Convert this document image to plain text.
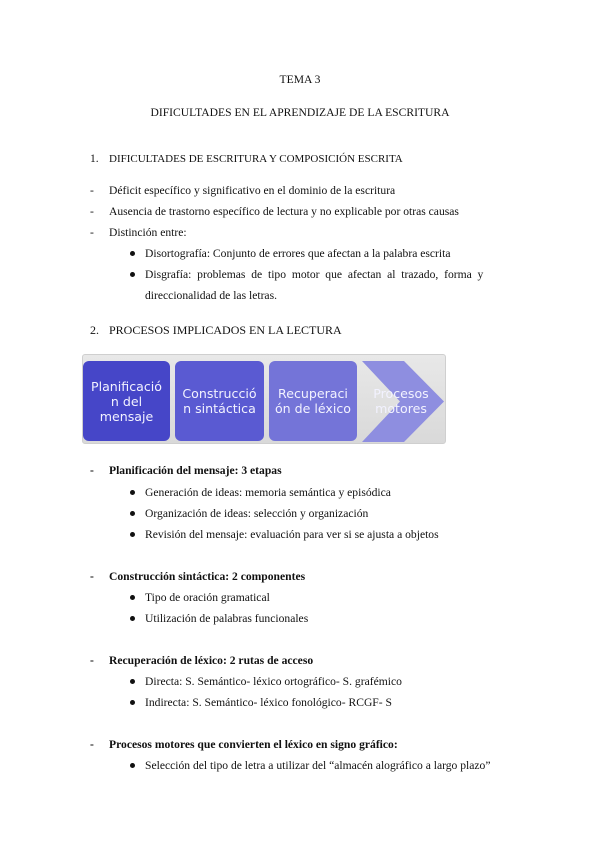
TEMA 3
DIFICULTADES EN EL APRENDIZAJE DE LA ESCRITURA
1. DIFICULTADES DE ESCRITURA Y COMPOSICIÓN ESCRITA
- Déficit específico y significativo en el dominio de la escritura
- Ausencia de trastorno específico de lectura y no explicable por otras causas
- Distinción entre:
Disortografía: Conjunto de errores que afectan a la palabra escrita
Disgrafía:  problemas  de  tipo  motor  que  afectan  al  trazado,  forma  y
direccionalidad de las letras.
2. PROCESOS IMPLICADOS EN LA LECTURA
Planificació
n del
mensaje
Construcció
n sintáctica
Recuperaci
ón de léxico
Procesos
motores
- Planificación del mensaje: 3 etapas
Generación de ideas: memoria semántica y episódica
Organización de ideas: selección y organización
Revisión del mensaje: evaluación para ver si se ajusta a objetos
- Construcción sintáctica: 2 componentes
Tipo de oración gramatical
Utilización de palabras funcionales
- Recuperación de léxico: 2 rutas de acceso
Directa: S. Semántico- léxico ortográfico- S. grafémico
Indirecta: S. Semántico- léxico fonológico- RCGF- S
- Procesos motores que convierten el léxico en signo gráfico:
Selección del tipo de letra a utilizar del “almacén alográfico a largo plazo”
